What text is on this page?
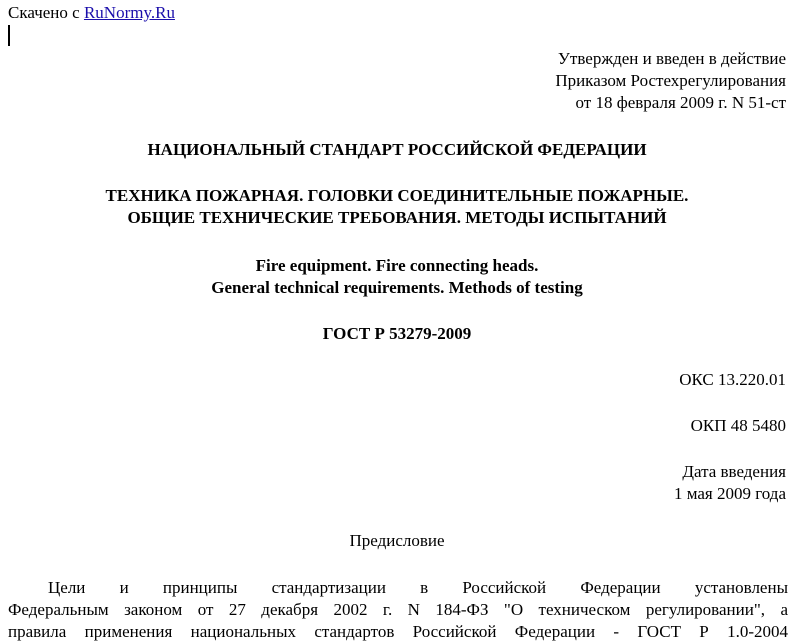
Скачено с RuNormy.Ru
Утвержден и введен в действие
Приказом Ростехрегулирования
от 18 февраля 2009 г. N 51-ст
НАЦИОНАЛЬНЫЙ СТАНДАРТ РОССИЙСКОЙ ФЕДЕРАЦИИ
ТЕХНИКА ПОЖАРНАЯ. ГОЛОВКИ СОЕДИНИТЕЛЬНЫЕ ПОЖАРНЫЕ.
ОБЩИЕ ТЕХНИЧЕСКИЕ ТРЕБОВАНИЯ. МЕТОДЫ ИСПЫТАНИЙ
Fire equipment. Fire connecting heads.
General technical requirements. Methods of testing
ГОСТ Р 53279-2009
ОКС 13.220.01
ОКП 48 5480
Дата введения
1 мая 2009 года
Предисловие
Цели и принципы стандартизации в Российской Федерации установлены
Федеральным законом от 27 декабря 2002 г. N 184-ФЗ "О техническом регулировании", а
правила применения национальных стандартов Российской Федерации - ГОСТ Р 1.0-2004
